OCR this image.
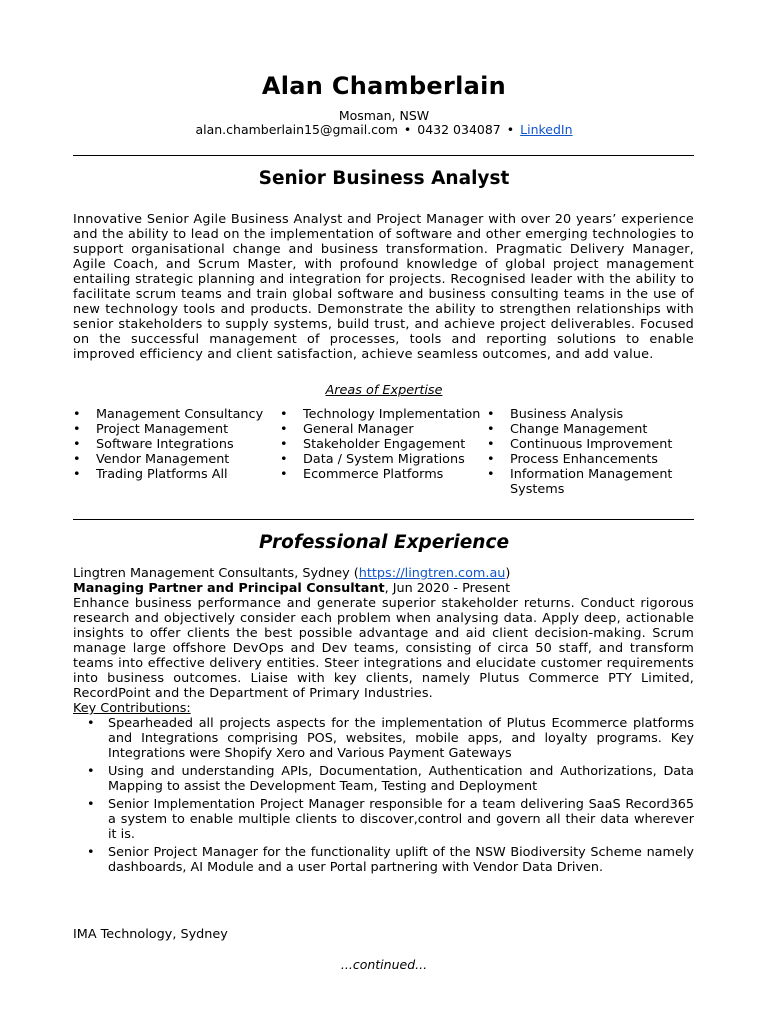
Alan Chamberlain
Mosman, NSW
alan.chamberlain15@gmail.com • 0432 034087 • LinkedIn
Senior Business Analyst
Innovative Senior Agile Business Analyst and Project Manager with over 20 years’ experience and the ability to lead on the implementation of software and other emerging technologies to support organisational change and business transformation. Pragmatic Delivery Manager, Agile Coach, and Scrum Master, with profound knowledge of global project management entailing strategic planning and integration for projects. Recognised leader with the ability to facilitate scrum teams and train global software and business consulting teams in the use of new technology tools and products. Demonstrate the ability to strengthen relationships with senior stakeholders to supply systems, build trust, and achieve project deliverables. Focused on the successful management of processes, tools and reporting solutions to enable improved efficiency and client satisfaction, achieve seamless outcomes, and add value.
Areas of Expertise
• Management Consultancy
• Project Management
• Software Integrations
• Vendor Management
• Trading Platforms All
• Technology Implementation
• General Manager
• Stakeholder Engagement
• Data / System Migrations
• Ecommerce Platforms
• Business Analysis
• Change Management
• Continuous Improvement
• Process Enhancements
• Information Management Systems
Professional Experience
Lingtren Management Consultants, Sydney (https://lingtren.com.au)
Managing Partner and Principal Consultant, Jun 2020 - Present
Enhance business performance and generate superior stakeholder returns. Conduct rigorous research and objectively consider each problem when analysing data. Apply deep, actionable insights to offer clients the best possible advantage and aid client decision-making. Scrum manage large offshore DevOps and Dev teams, consisting of circa 50 staff, and transform teams into effective delivery entities. Steer integrations and elucidate customer requirements into business outcomes. Liaise with key clients, namely Plutus Commerce PTY Limited, RecordPoint and the Department of Primary Industries.
Key Contributions:
• Spearheaded all projects aspects for the implementation of Plutus Ecommerce platforms and Integrations comprising POS, websites, mobile apps, and loyalty programs. Key Integrations were Shopify Xero and Various Payment Gateways
• Using and understanding APIs, Documentation, Authentication and Authorizations, Data Mapping to assist the Development Team, Testing and Deployment
• Senior Implementation Project Manager responsible for a team delivering SaaS Record365 a system to enable multiple clients to discover,control and govern all their data wherever it is.
• Senior Project Manager for the functionality uplift of the NSW Biodiversity Scheme namely dashboards, AI Module and a user Portal partnering with Vendor Data Driven.
IMA Technology, Sydney
...continued...
